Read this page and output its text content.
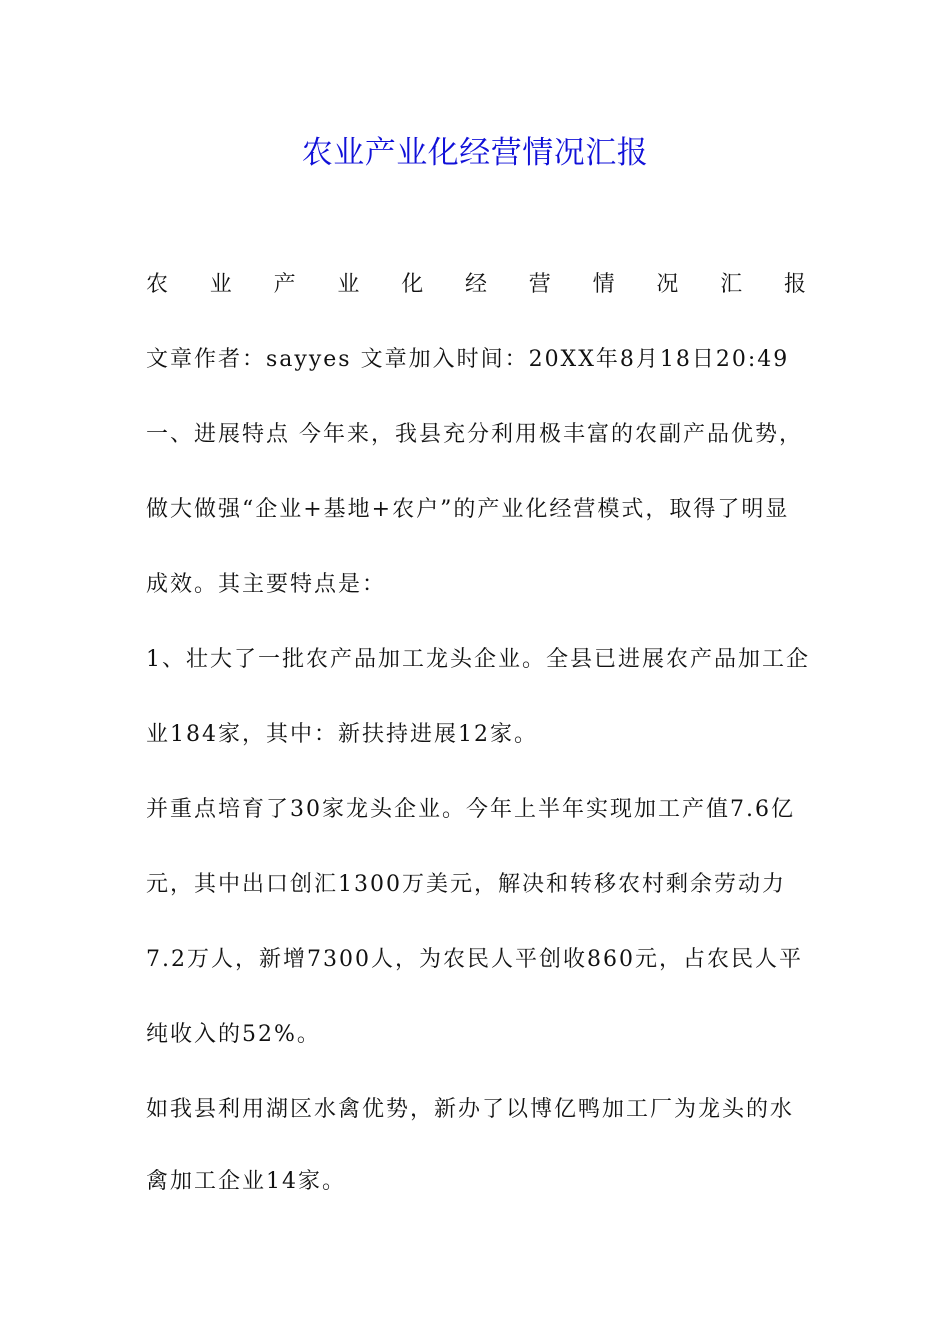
农业产业化经营情况汇报
农 业 产 业 化 经 营 情 况 汇 报
文章作者：sayyes 文章加入时间：20XX年8月18日20:49
一、进展特点 今年来，我县充分利用极丰富的农副产品优势，
做大做强“企业+基地+农户”的产业化经营模式，取得了明显
成效。其主要特点是：
1、壮大了一批农产品加工龙头企业。全县已进展农产品加工企
业184家，其中：新扶持进展12家。
并重点培育了30家龙头企业。今年上半年实现加工产值7.6亿
元，其中出口创汇1300万美元，解决和转移农村剩余劳动力
7.2万人，新增7300人，为农民人平创收860元，占农民人平
纯收入的52%。
如我县利用湖区水禽优势，新办了以博亿鸭加工厂为龙头的水
禽加工企业14家。
